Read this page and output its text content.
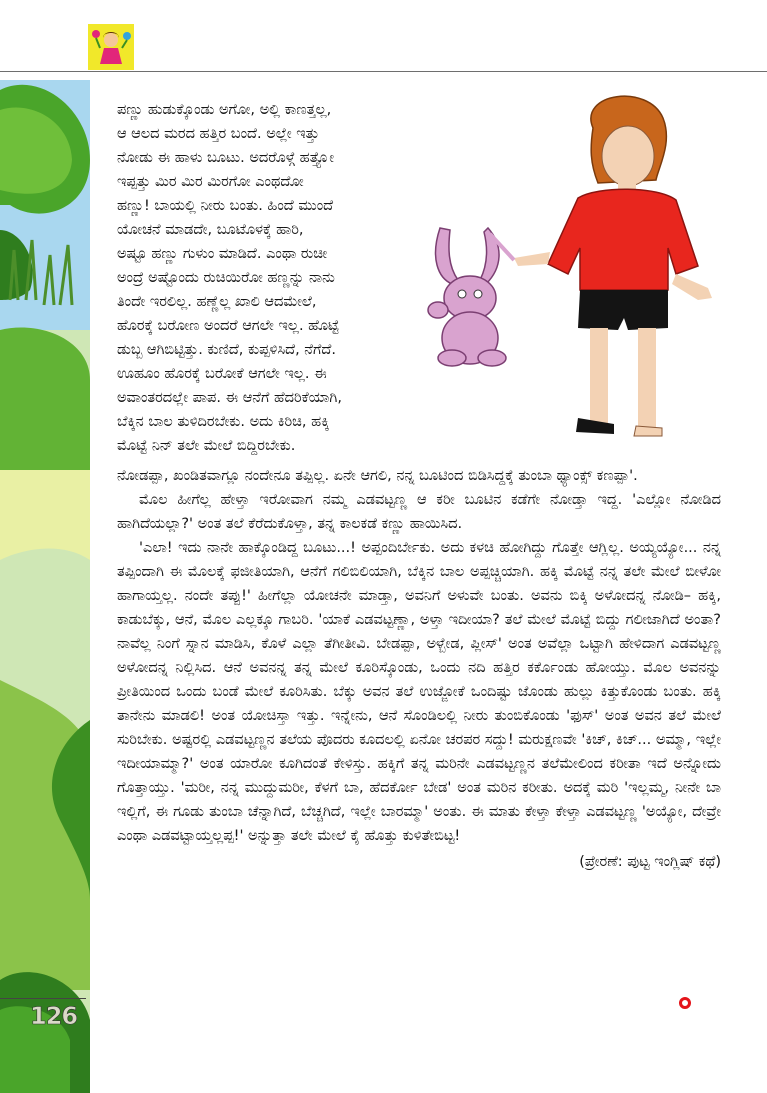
ಪಣ್ಣು ಹುಡುಕ್ಕೊಂಡು ಅಗೋ, ಅಲ್ಲಿ ಕಾಣತ್ತಲ್ಲ,

ಆ ಆಲದ ಮರದ ಹತ್ತಿರ ಬಂದೆ. ಅಲ್ಲೇ ಇತ್ತು

ನೋಡು ಈ ಹಾಳು ಬೂಟು. ಅದರೊಳ್ಗೆ ಹತ್ತ್ಯೋ

ಇಪ್ಪತ್ತು ಮಿರ ಮಿರ ಮಿರಗೋ ಎಂಥದೋ

ಹಣ್ಣು! ಬಾಯಲ್ಲಿ ನೀರು ಬಂತು. ಹಿಂದೆ ಮುಂದೆ

ಯೋಚನೆ ಮಾಡದೇ, ಬೂಟೊಳಕ್ಕೆ ಹಾರಿ,

ಅಷ್ಟೂ ಹಣ್ಣು ಗುಳುಂ ಮಾಡಿದೆ. ಎಂಥಾ ರುಚೀ

ಅಂದ್ರೆ ಅಷ್ಟೊಂದು ರುಚಿಯಿರೋ ಹಣ್ಣನ್ನು ನಾನು

ತಿಂದೇ ಇರಲಿಲ್ಲ. ಹಣ್ಣೆಲ್ಲ ಖಾಲಿ ಆದಮೇಲೆ,

ಹೊರಕ್ಕೆ ಬರೋಣ ಅಂದರೆ ಆಗಲೇ ಇಲ್ಲ. ಹೊಟ್ಟೆ

ಡುಬ್ಬ ಆಗಿಬಿಟ್ಟಿತ್ತು. ಕುಣಿದೆ, ಕುಪ್ಪಳಿಸಿದೆ, ನೆಗೆದೆ.

ಊಹೂಂ ಹೊರಕ್ಕೆ ಬರೋಕೆ ಆಗಲೇ ಇಲ್ಲ. ಈ

ಅವಾಂತರದಲ್ಲೇ ಪಾಪ. ಈ ಆನೆಗೆ ಹೆದರಿಕೆಯಾಗಿ,

ಬೆಕ್ಕಿನ ಬಾಲ ತುಳಿದಿರಬೇಕು. ಅದು ಕಿರಿಚಿ, ಹಕ್ಕಿ

ಮೊಟ್ಟೆ ನಿನ್ ತಲೇ ಮೇಲೆ ಬಿದ್ದಿರಬೇಕು.

ನೋಡಪ್ಪಾ, ಖಂಡಿತವಾಗ್ಲೂ ನಂದೇನೂ ತಪ್ಪಿಲ್ಲ. ಏನೇ ಆಗಲಿ, ನನ್ನ ಬೂಟಿಂದ ಬಿಡಿಸಿದ್ದಕ್ಕೆ ತುಂಬಾ ಥ್ಯಾಂಕ್ಸ್ ಕಣಪ್ಪಾ'.

ಮೊಲ ಹೀಗೆಲ್ಲ ಹೇಳ್ತಾ ಇರೋವಾಗ ನಮ್ಮ ಎಡವಟ್ಟಣ್ಣ ಆ ಕರೀ ಬೂಟಿನ ಕಡೆಗೇ ನೋಡ್ತಾ ಇದ್ದ. 'ಎಲ್ಲೋ ನೋಡಿದ ಹಾಗಿದೆಯಲ್ಲಾ?' ಅಂತ ತಲೆ ಕೆರೆದುಕೊಳ್ತಾ, ತನ್ನ ಕಾಲಕಡೆ ಕಣ್ಣು ಹಾಯಿಸಿದ.

'ಎಲಾ! ಇದು ನಾನೇ ಹಾಕ್ಕೊಂಡಿದ್ದ ಬೂಟು...! ಅಪ್ಪಂದಿರ್ಬೇಕು. ಅದು ಕಳಚಿ ಹೋಗಿದ್ದು ಗೊತ್ತೇ ಆಗ್ಲಿಲ್ಲ. ಅಯ್ಯಯ್ಯೋ... ನನ್ನ ತಪ್ಪಿಂದಾಗಿ ಈ ಮೊಲಕ್ಕೆ ಫಜೀತಿಯಾಗಿ, ಆನೆಗೆ ಗಲಿಬಿಲಿಯಾಗಿ, ಬೆಕ್ಕಿನ ಬಾಲ ಅಪ್ಪಚ್ಚಿಯಾಗಿ. ಹಕ್ಕಿ ಮೊಟ್ಟೆ ನನ್ನ ತಲೇ ಮೇಲೆ ಬೀಳೋ ಹಾಗಾಯ್ತಲ್ಲ. ನಂದೇ ತಪ್ಪು!' ಹೀಗೆಲ್ಲಾ ಯೋಚನೇ ಮಾಡ್ತಾ, ಅವನಿಗೆ ಅಳುವೇ ಬಂತು. ಅವನು ಬಿಕ್ಕಿ ಅಳೋದನ್ನ ನೋಡಿ– ಹಕ್ಕಿ, ಕಾಡುಬೆಕ್ಕು, ಆನೆ, ಮೊಲ ಎಲ್ಲಕ್ಕೂ ಗಾಬರಿ. 'ಯಾಕೆ ಎಡವಟ್ಟಣ್ಣಾ, ಅಳ್ತಾ ಇದೀಯಾ? ತಲೆ ಮೇಲೆ ಮೊಟ್ಟೆ ಬಿದ್ದು ಗಲೀಜಾಗಿದೆ ಅಂತಾ? ನಾವೆಲ್ಲ ನಿಂಗೆ ಸ್ನಾನ ಮಾಡಿಸಿ, ಕೊಳೆ ಎಲ್ಲಾ ತೆಗೀತೀವಿ. ಬೇಡಪ್ಪಾ, ಅಳ್ಬೇಡ, ಪ್ಲೀಸ್' ಅಂತ ಅವೆಲ್ಲಾ ಒಟ್ಟಾಗಿ ಹೇಳಿದಾಗ ಎಡವಟ್ಟಣ್ಣ ಅಳೋದನ್ನ ನಿಲ್ಲಿಸಿದ. ಆನೆ ಅವನನ್ನ ತನ್ನ ಮೇಲೆ ಕೂರಿಸ್ಕೊಂಡು, ಒಂದು ನದಿ ಹತ್ತಿರ ಕರ್ಕೊಂಡು ಹೋಯ್ತು. ಮೊಲ ಅವನನ್ನು ಪ್ರೀತಿಯಿಂದ ಒಂದು ಬಂಡೆ ಮೇಲೆ ಕೂರಿಸಿತು. ಬೆಕ್ಕು ಅವನ ತಲೆ ಉಜ್ಜೋಕೆ ಒಂದಿಷ್ಟು ಜೊಂಡು ಹುಲ್ಲು ಕಿತ್ತುಕೊಂಡು ಬಂತು. ಹಕ್ಕಿ ತಾನೇನು ಮಾಡಲಿ! ಅಂತ ಯೋಚಿಸ್ತಾ ಇತ್ತು. ಇನ್ನೇನು, ಆನೆ ಸೊಂಡಿಲಲ್ಲಿ ನೀರು ತುಂಬಿಕೊಂಡು 'ಫುಸ್' ಅಂತ ಅವನ ತಲೆ ಮೇಲೆ ಸುರಿಬೇಕು. ಅಷ್ಟರಲ್ಲಿ ಎಡವಟ್ಟಣ್ಣನ ತಲೆಯ ಪೊದರು ಕೂದಲಲ್ಲಿ ಏನೋ ಚರಪರ ಸದ್ದು! ಮರುಕ್ಷಣವೇ 'ಕಿಚ್, ಕಿಚ್... ಅಮ್ಮಾ, ಇಲ್ಲೇ ಇದೀಯಾಮ್ಮಾ?' ಅಂತ ಯಾರೋ ಕೂಗಿದಂತೆ ಕೇಳಿಸ್ತು. ಹಕ್ಕಿಗೆ ತನ್ನ ಮರಿನೇ ಎಡವಟ್ಟಣ್ಣನ ತಲೆಮೇಲಿಂದ ಕರೀತಾ ಇದೆ ಅನ್ನೋದು ಗೊತ್ತಾಯ್ತು. 'ಮರೀ, ನನ್ನ ಮುದ್ದುಮರೀ, ಕೆಳಗೆ ಬಾ, ಹೆದರ್ಕೋ ಬೇಡ' ಅಂತ ಮರಿನ ಕರೀತು. ಅದಕ್ಕೆ ಮರಿ 'ಇಲ್ಲಮ್ಮ, ನೀನೇ ಬಾ ಇಲ್ಲಿಗೆ, ಈ ಗೂಡು ತುಂಬಾ ಚೆನ್ನಾಗಿದೆ, ಬೆಚ್ಚಗಿದೆ, ಇಲ್ಲೇ ಬಾರಮ್ಮಾ' ಅಂತು. ಈ ಮಾತು ಕೇಳ್ತಾ ಕೇಳ್ತಾ ಎಡವಟ್ಟಣ್ಣ 'ಅಯ್ಯೋ, ದೇವ್ರೇ ಎಂಥಾ ಎಡವಟ್ಟಾಯ್ತಲ್ಲಪ್ಪ!' ಅನ್ನುತ್ತಾ ತಲೇ ಮೇಲೆ ಕೈ ಹೊತ್ತು ಕುಳಿತೇಬಿಟ್ಟ!

(ಪ್ರೇರಣೆ: ಪುಟ್ಟ ಇಂಗ್ಲಿಷ್ ಕಥೆ)

126
